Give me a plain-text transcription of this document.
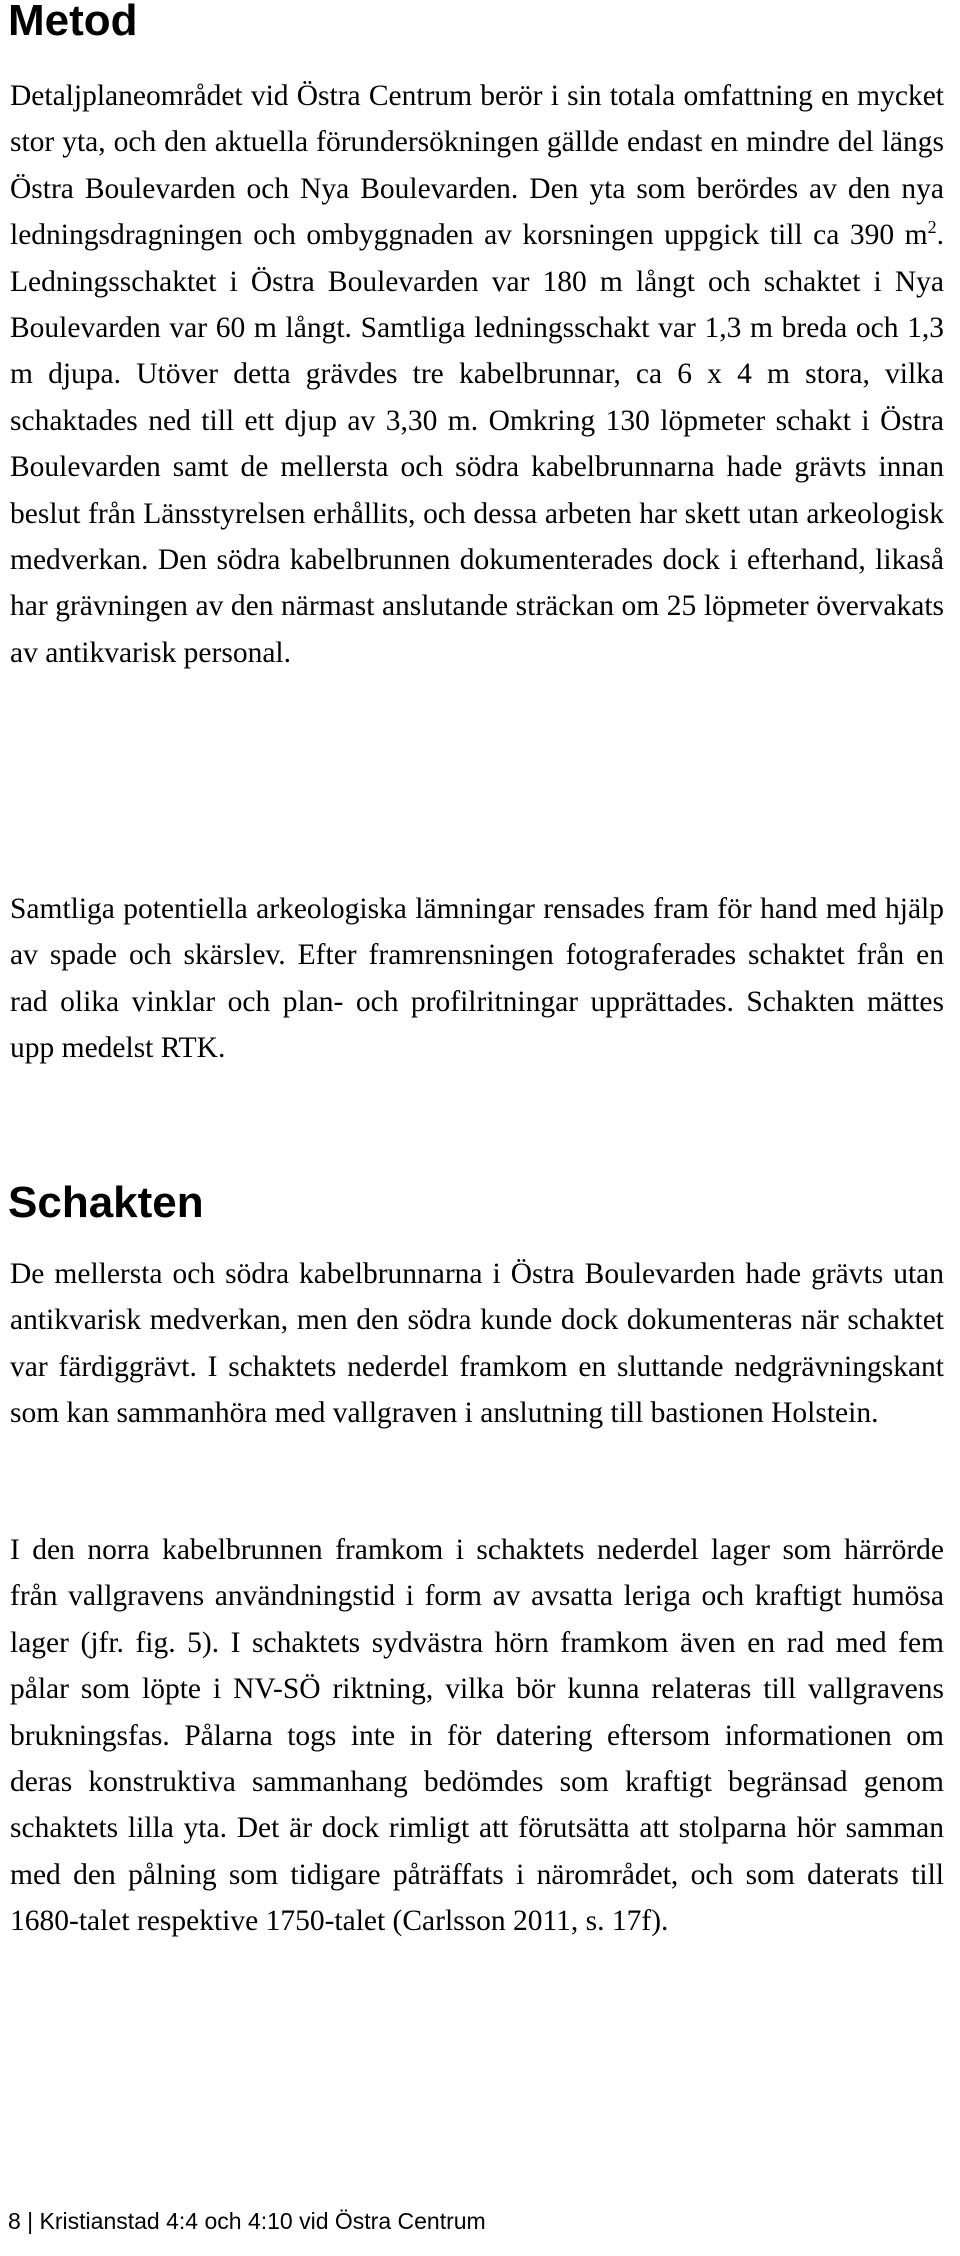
Metod

Detaljplaneområdet vid Östra Centrum berör i sin totala omfattning en mycket stor yta, och den aktuella förundersökningen gällde endast en mindre del längs Östra Boulevarden och Nya Boulevarden. Den yta som berördes av den nya ledningsdragningen och ombyggnaden av korsningen uppgick till ca 390 $m^2$. Ledningsschaktet i Östra Boulevarden var 180 m långt och schaktet i Nya Boulevarden var 60 m långt. Samtliga ledningsschakt var 1,3 m breda och 1,3 m djupa. Utöver detta grävdes tre kabelbrunnar, ca 6 x 4 m stora, vilka schaktades ned till ett djup av 3,30 m. Omkring 130 löpmeter schakt i Östra Boulevarden samt de mellersta och södra kabelbrunnarna hade grävts innan beslut från Länsstyrelsen erhållits, och dessa arbeten har skett utan arkeologisk medverkan. Den södra kabelbrunnen dokumenterades dock i efterhand, likaså har grävningen av den närmast anslutande sträckan om 25 löpmeter övervakats av antikvarisk personal.

Samtliga potentiella arkeologiska lämningar rensades fram för hand med hjälp av spade och skärslev. Efter framrensningen fotograferades schaktet från en rad olika vinklar och plan- och profilritningar upprättades. Schakten mättes upp medelst RTK.

Schakten

De mellersta och södra kabelbrunnarna i Östra Boulevarden hade grävts utan antikvarisk medverkan, men den södra kunde dock dokumenteras när schaktet var färdiggrävt. I schaktets nederdel framkom en sluttande nedgrävningskant som kan sammanhöra med vallgraven i anslutning till bastionen Holstein.

I den norra kabelbrunnen framkom i schaktets nederdel lager som härrörde från vallgravens användningstid i form av avsatta leriga och kraftigt humösa lager (jfr. fig. 5). I schaktets sydvästra hörn framkom även en rad med fem pålar som löpte i NV-SÖ riktning, vilka bör kunna relateras till vallgravens brukningsfas. Pålarna togs inte in för datering eftersom informationen om deras konstruktiva sammanhang bedömdes som kraftigt begränsad genom schaktets lilla yta. Det är dock rimligt att förutsätta att stolparna hör samman med den pålning som tidigare påträffats i närområdet, och som daterats till 1680-talet respektive 1750-talet (Carlsson 2011, s. 17f).

8 | Kristianstad 4:4 och 4:10 vid Östra Centrum
